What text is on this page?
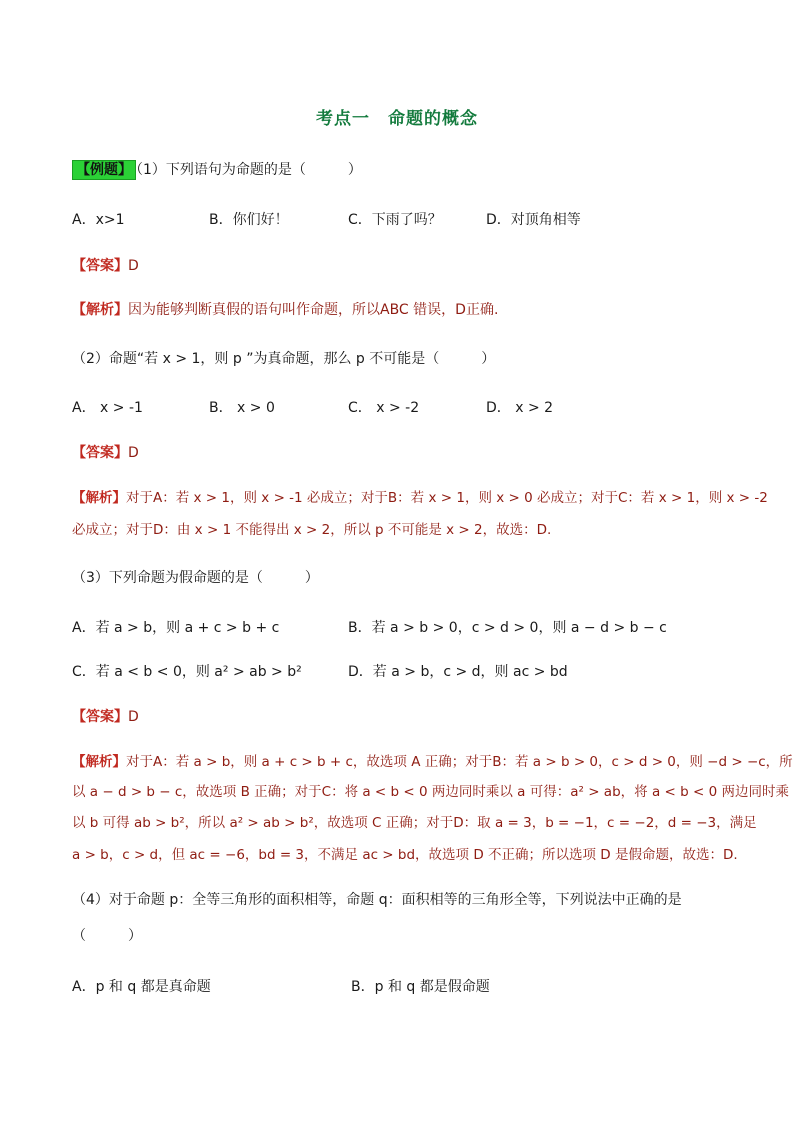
考点一　命题的概念
【例题】 （1）下列语句为命题的是（　　　）
A．x>1	B．你们好！	C．下雨了吗？	D．对顶角相等
【答案】D
【解析】因为能够判断真假的语句叫作命题，所以ABC 错误，D正确.
（2）命题“若 x > 1，则 p ”为真命题，那么 p 不可能是（　　　）
A． x > -1	B． x > 0	C． x > -2	D． x > 2
【答案】D
【解析】对于A：若 x > 1，则 x > -1 必成立；对于B：若 x > 1，则 x > 0 必成立；对于C：若 x > 1，则 x > -2
必成立；对于D：由 x > 1 不能得出 x > 2，所以 p 不可能是 x > 2，故选：D.
（3）下列命题为假命题的是（　　　）
A．若 a > b，则 a + c > b + c	B．若 a > b > 0，c > d > 0，则 a − d > b − c
C．若 a < b < 0，则 a² > ab > b²	D．若 a > b，c > d，则 ac > bd
【答案】D
【解析】对于A：若 a > b，则 a + c > b + c，故选项 A 正确；对于B：若 a > b > 0，c > d > 0，则 −d > −c，所
以 a − d > b − c，故选项 B 正确；对于C：将 a < b < 0 两边同时乘以 a 可得：a² > ab，将 a < b < 0 两边同时乘
以 b 可得 ab > b²，所以 a² > ab > b²，故选项 C 正确；对于D：取 a = 3，b = −1，c = −2，d = −3，满足
a > b，c > d，但 ac = −6，bd = 3，不满足 ac > bd，故选项 D 不正确；所以选项 D 是假命题，故选：D.
（4）对于命题 p：全等三角形的面积相等，命题 q：面积相等的三角形全等，下列说法中正确的是
（　　　）
A．p 和 q 都是真命题	B．p 和 q 都是假命题
